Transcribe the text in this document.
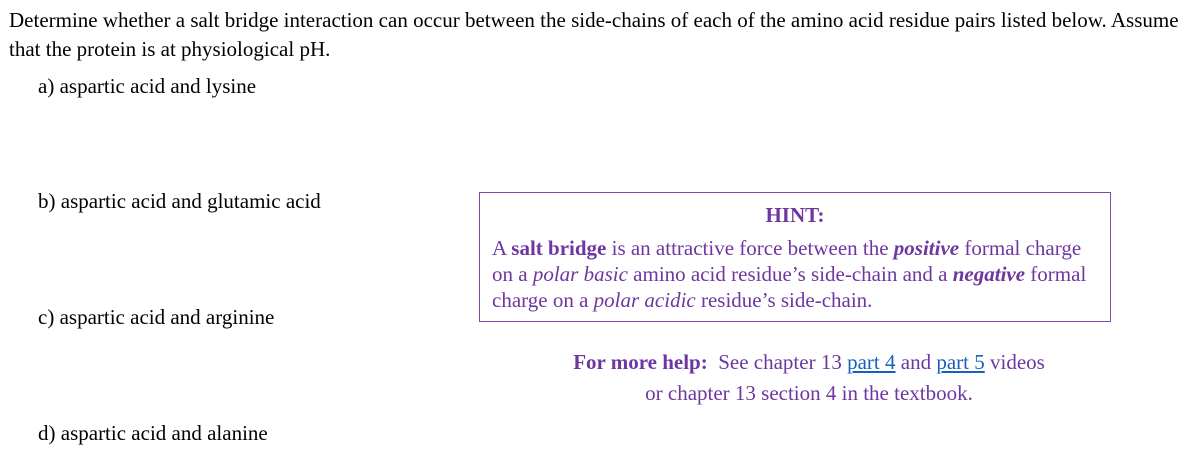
Determine whether a salt bridge interaction can occur between the side-chains of each of the amino acid residue pairs listed below. Assume that the protein is at physiological pH.
a) aspartic acid and lysine
b) aspartic acid and glutamic acid
c) aspartic acid and arginine
d) aspartic acid and alanine
HINT:
A salt bridge is an attractive force between the positive formal charge on a polar basic amino acid residue’s side-chain and a negative formal charge on a polar acidic residue’s side-chain.
For more help:  See chapter 13 part 4 and part 5 videos
or chapter 13 section 4 in the textbook.
